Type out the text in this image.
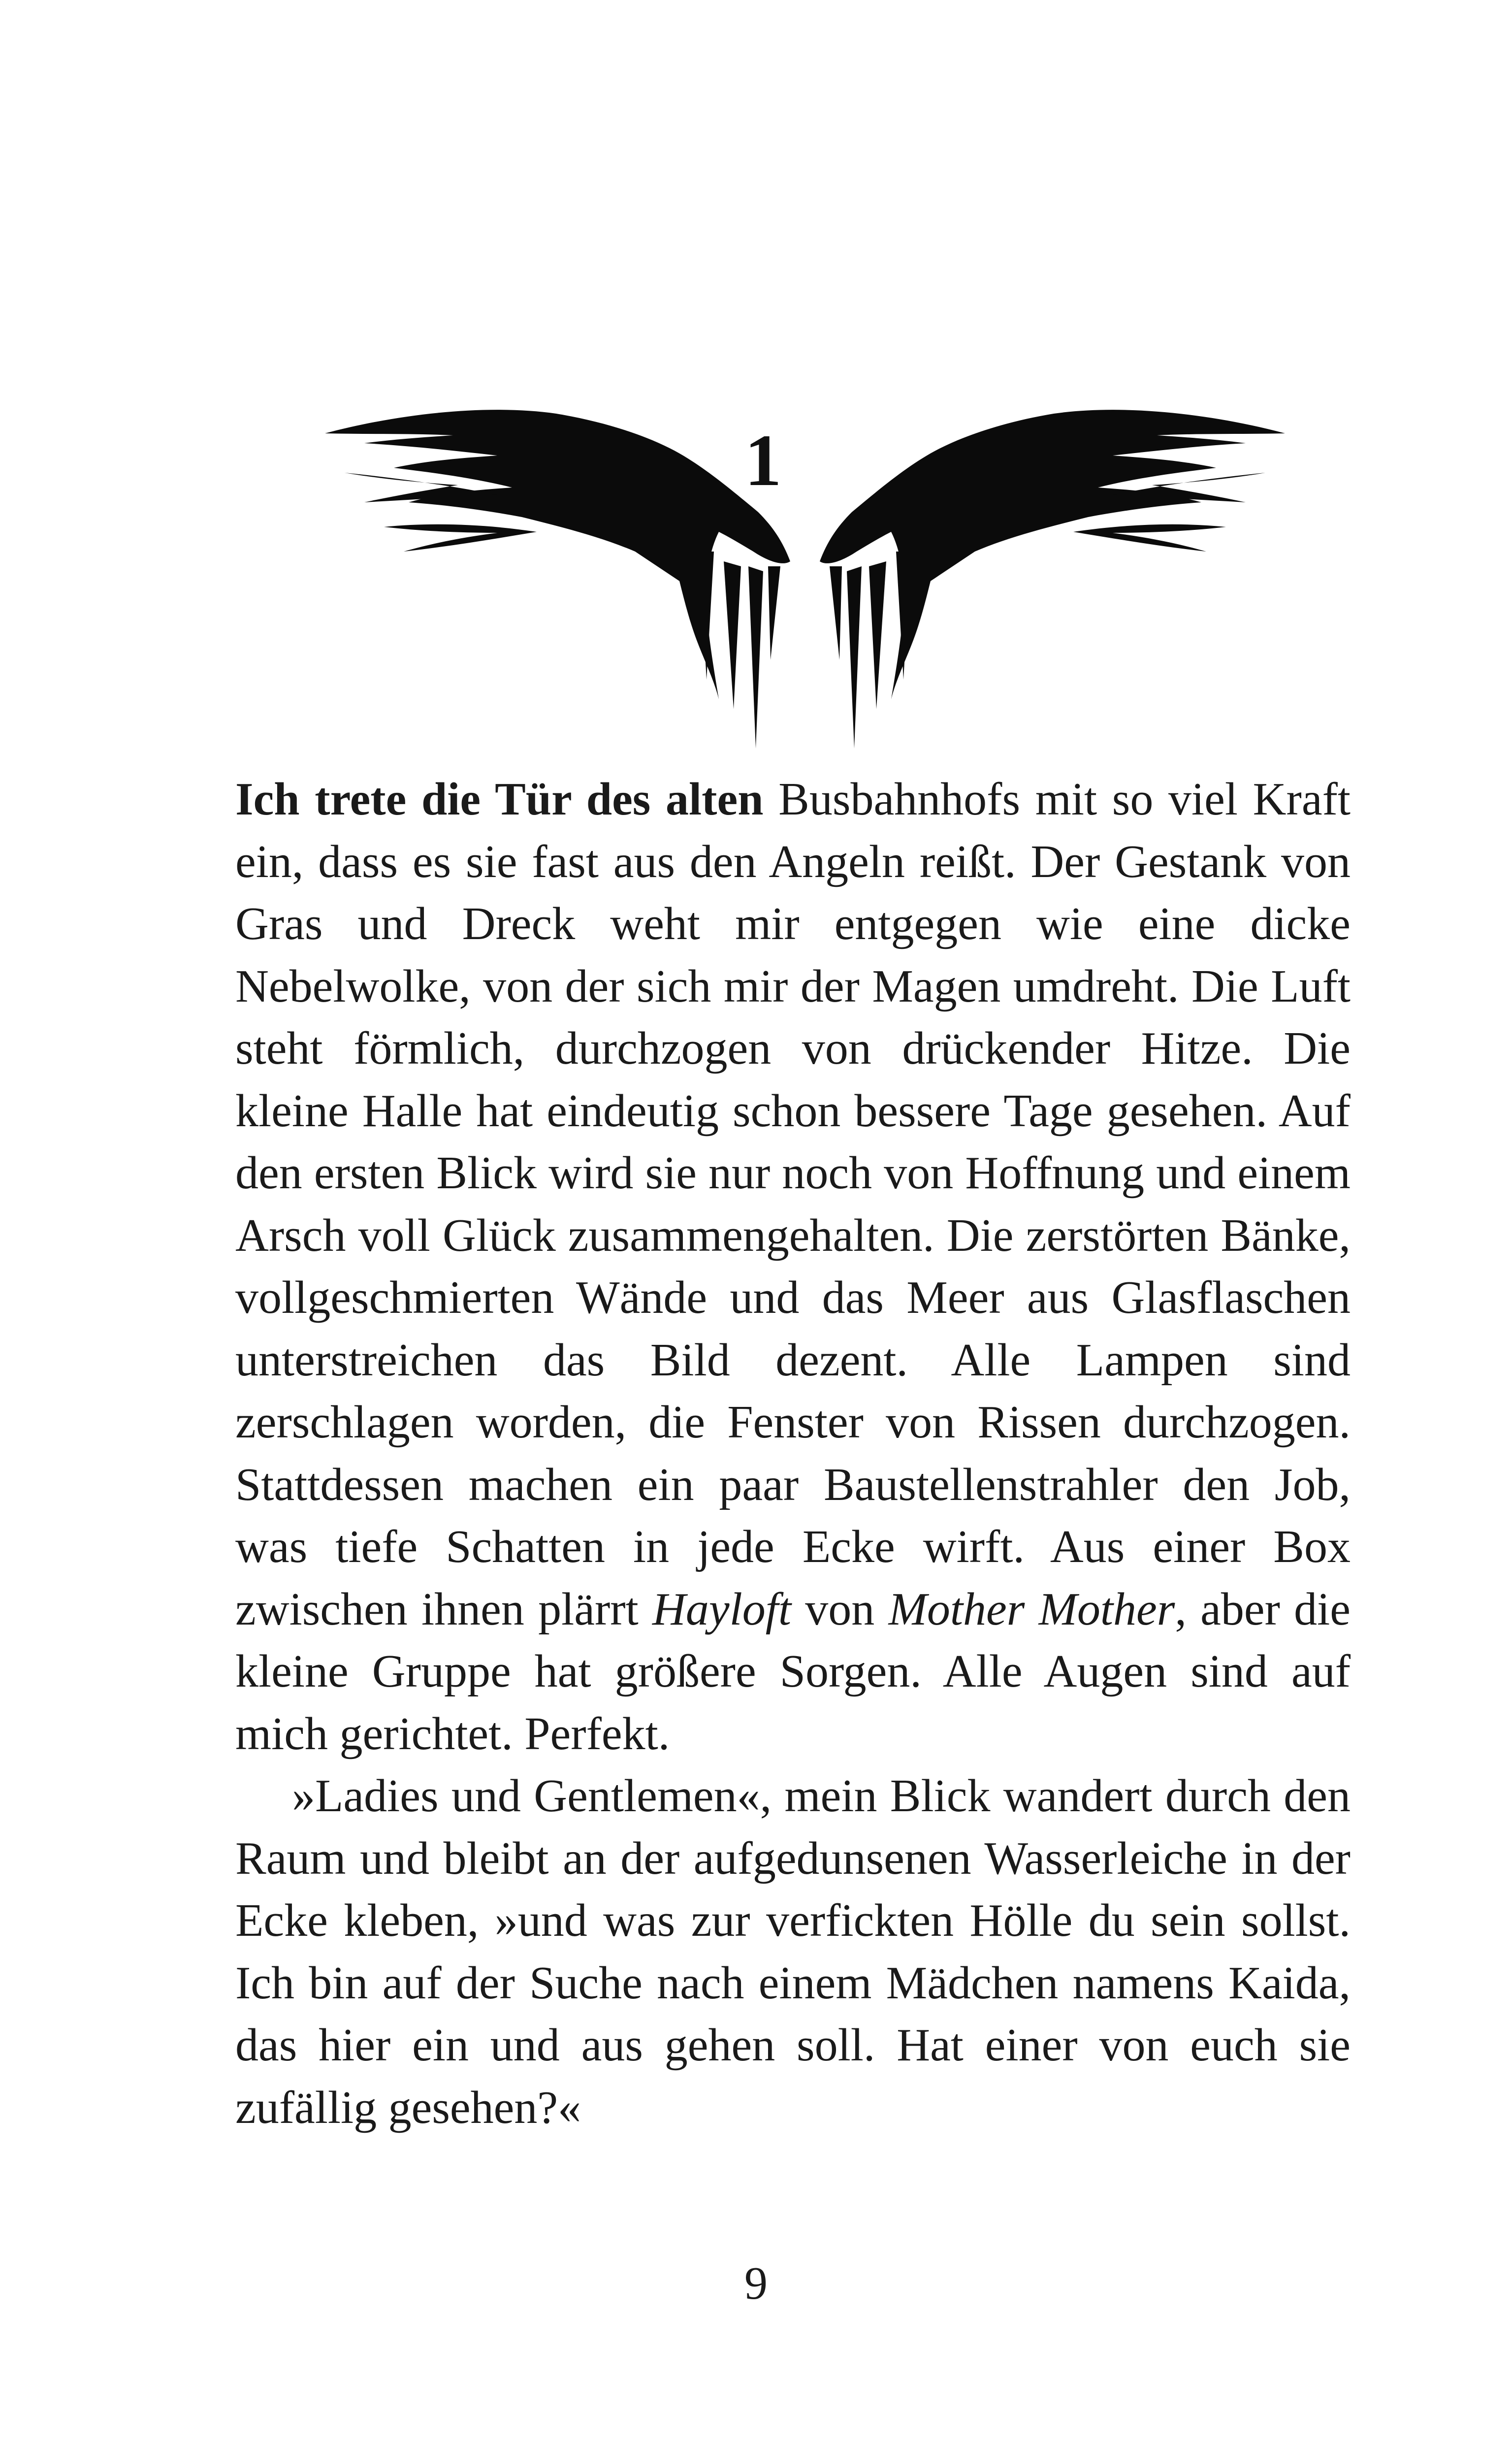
1

Ich trete die Tür des alten Busbahnhofs mit so viel Kraft ein, dass es sie fast aus den Angeln reißt. Der Gestank von Gras und Dreck weht mir entgegen wie eine dicke Nebelwolke, von der sich mir der Magen umdreht. Die Luft steht förmlich, durchzogen von drückender Hitze. Die kleine Halle hat eindeutig schon bessere Tage gesehen. Auf den ersten Blick wird sie nur noch von Hoffnung und einem Arsch voll Glück zusammengehalten. Die zerstörten Bänke, vollgeschmierten Wände und das Meer aus Glasflaschen unterstreichen das Bild dezent. Alle Lampen sind zerschlagen worden, die Fenster von Rissen durchzogen. Stattdessen machen ein paar Baustellenstrahler den Job, was tiefe Schatten in jede Ecke wirft. Aus einer Box zwischen ihnen plärrt Hayloft von Mother Mother, aber die kleine Gruppe hat größere Sorgen. Alle Augen sind auf mich gerichtet. Perfekt.

»Ladies und Gentlemen«, mein Blick wandert durch den Raum und bleibt an der aufgedunsenen Wasserleiche in der Ecke kleben, »und was zur verfickten Hölle du sein sollst. Ich bin auf der Suche nach einem Mädchen namens Kaida, das hier ein und aus gehen soll. Hat einer von euch sie zufällig gesehen?«

9
